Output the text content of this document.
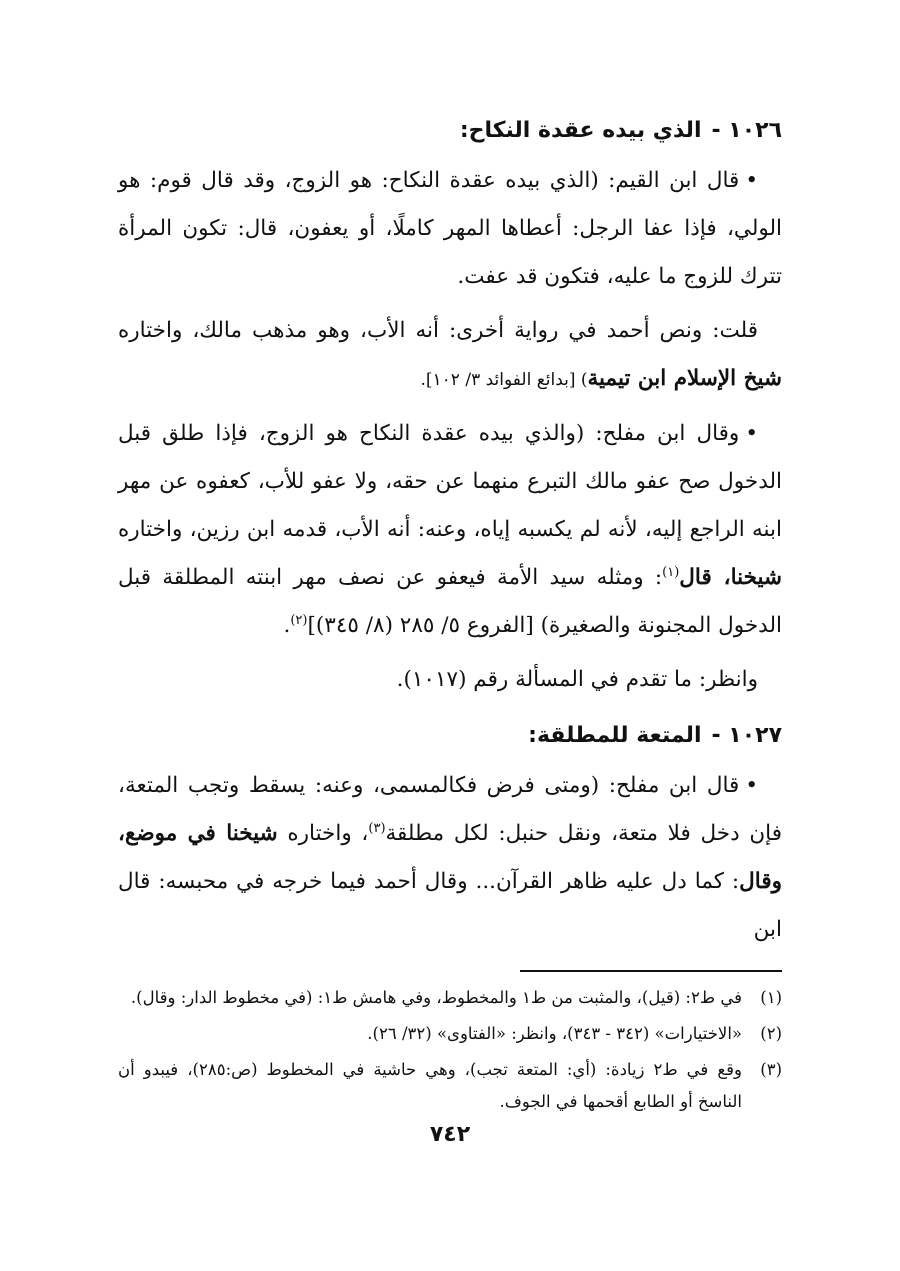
١٠٢٦ -الذي بيده عقدة النكاح:

•قال ابن القيم: (الذي بيده عقدة النكاح: هو الزوج، وقد قال قوم: هو الولي، فإذا عفا الرجل: أعطاها المهر كاملًا، أو يعفون، قال: تكون المرأة تترك للزوج ما عليه، فتكون قد عفت.

قلت: ونص أحمد في رواية أخرى: أنه الأب، وهو مذهب مالك، واختاره شيخ الإسلام ابن تيمية) [بدائع الفوائد ٣/ ١٠٢].

•وقال ابن مفلح: (والذي بيده عقدة النكاح هو الزوج، فإذا طلق قبل الدخول صح عفو مالك التبرع منهما عن حقه، ولا عفو للأب، كعفوه عن مهر ابنه الراجع إليه، لأنه لم يكسبه إياه، وعنه: أنه الأب، قدمه ابن رزين، واختاره شيخنا، قال$^{(١)}$: ومثله سيد الأمة فيعفو عن نصف مهر ابنته المطلقة قبل الدخول المجنونة والصغيرة) [الفروع ٥/ ٢٨٥ (٨/ ٣٤٥)]$^{(٢)}$.

وانظر: ما تقدم في المسألة رقم (١٠١٧).

١٠٢٧ -المتعة للمطلقة:

•قال ابن مفلح: (ومتى فرض فكالمسمى، وعنه: يسقط وتجب المتعة، فإن دخل فلا متعة، ونقل حنبل: لكل مطلقة$^{(٣)}$، واختاره شيخنا في موضع، وقال: كما دل عليه ظاهر القرآن... وقال أحمد فيما خرجه في محبسه: قال ابن

(١)
في ط٢: (قيل)، والمثبت من ط١ والمخطوط، وفي هامش ط١: (في مخطوط الدار: وقال).
(٢)
«الاختيارات» (٣٤٢ - ٣٤٣)، وانظر: «الفتاوى» (٣٢/ ٢٦).
(٣)
وقع في ط٢ زيادة: (أي: المتعة تجب)، وهي حاشية في المخطوط (ص:٢٨٥)، فيبدو أن الناسخ أو الطابع أقحمها في الجوف.
٧٤٢
